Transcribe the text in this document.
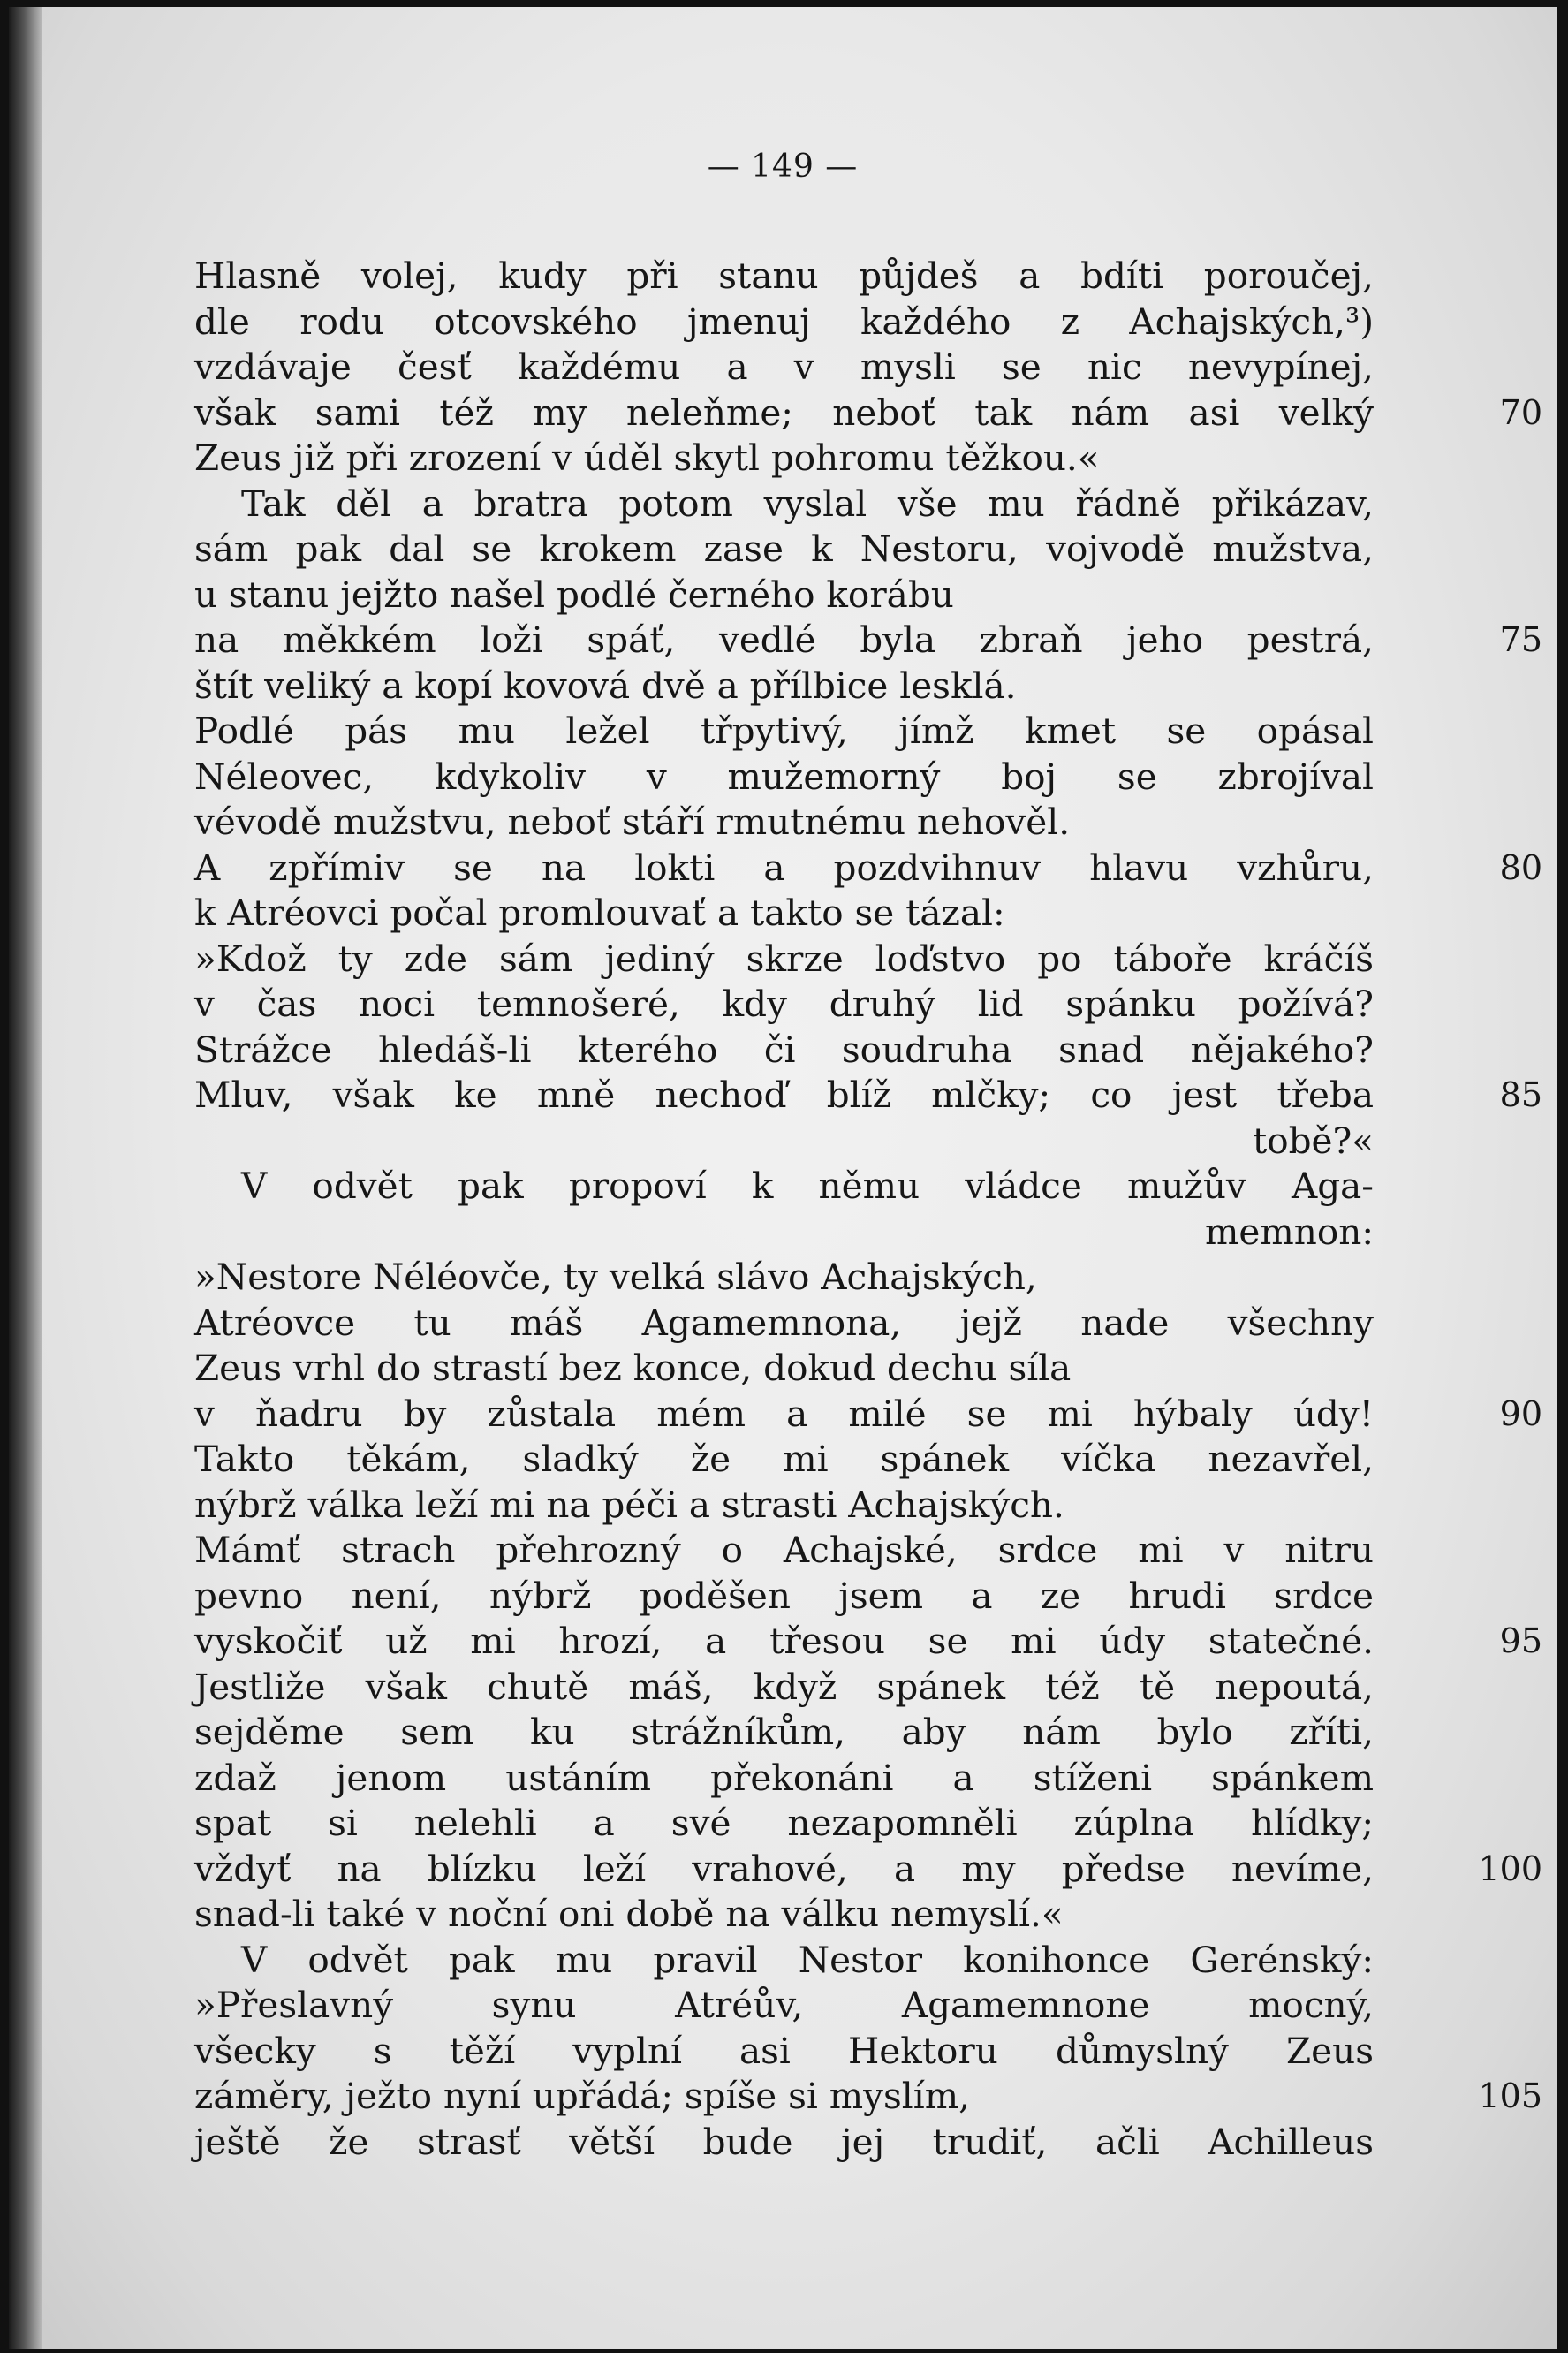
— 149 —
Hlasně volej, kudy při stanu půjdeš a bdíti poroučej,
dle rodu otcovského jmenuj každého z Achajských,³)
vzdávaje česť každému a v mysli se nic nevypínej,
však sami též my neleňme; neboť tak nám asi velký	70
Zeus již při zrození v úděl skytl pohromu těžkou.«
Tak děl a bratra potom vyslal vše mu řádně přikázav,
sám pak dal se krokem zase k Nestoru, vojvodě mužstva,
u stanu jejžto našel podlé černého korábu
na měkkém loži spáť, vedlé byla zbraň jeho pestrá,	75
štít veliký a kopí kovová dvě a přílbice lesklá.
Podlé pás mu ležel třpytivý, jímž kmet se opásal
Néleovec, kdykoliv v mužemorný boj se zbrojíval
vévodě mužstvu, neboť stáří rmutnému nehověl.
A zpřímiv se na lokti a pozdvihnuv hlavu vzhůru,	80
k Atréovci počal promlouvať a takto se tázal:
»Kdož ty zde sám jediný skrze loďstvo po táboře kráčíš
v čas noci temnošeré, kdy druhý lid spánku požívá?
Strážce hledáš-li kterého či soudruha snad nějakého?
Mluv, však ke mně nechoď blíž mlčky; co jest třeba	85
tobě?«
V odvět pak propoví k němu vládce mužův Aga-
memnon:
»Nestore Néléovče, ty velká slávo Achajských,
Atréovce tu máš Agamemnona, jejž nade všechny
Zeus vrhl do strastí bez konce, dokud dechu síla
v ňadru by zůstala mém a milé se mi hýbaly údy!	90
Takto těkám, sladký že mi spánek víčka nezavřel,
nýbrž válka leží mi na péči a strasti Achajských.
Mámť strach přehrozný o Achajské, srdce mi v nitru
pevno není, nýbrž poděšen jsem a ze hrudi srdce
vyskočiť už mi hrozí, a třesou se mi údy statečné.	95
Jestliže však chutě máš, když spánek též tě nepoutá,
sejděme sem ku strážníkům, aby nám bylo zříti,
zdaž jenom ustáním překonáni a stíženi spánkem
spat si nelehli a své nezapomněli zúplna hlídky;
vždyť na blízku leží vrahové, a my předse nevíme,	100
snad-li také v noční oni době na válku nemyslí.«
V odvět pak mu pravil Nestor konihonce Gerénský:
»Přeslavný synu Atréův, Agamemnone mocný,
všecky s těží vyplní asi Hektoru důmyslný Zeus
záměry, ježto nyní upřádá; spíše si myslím,	105
ještě že strasť větší bude jej trudiť, ačli Achilleus
